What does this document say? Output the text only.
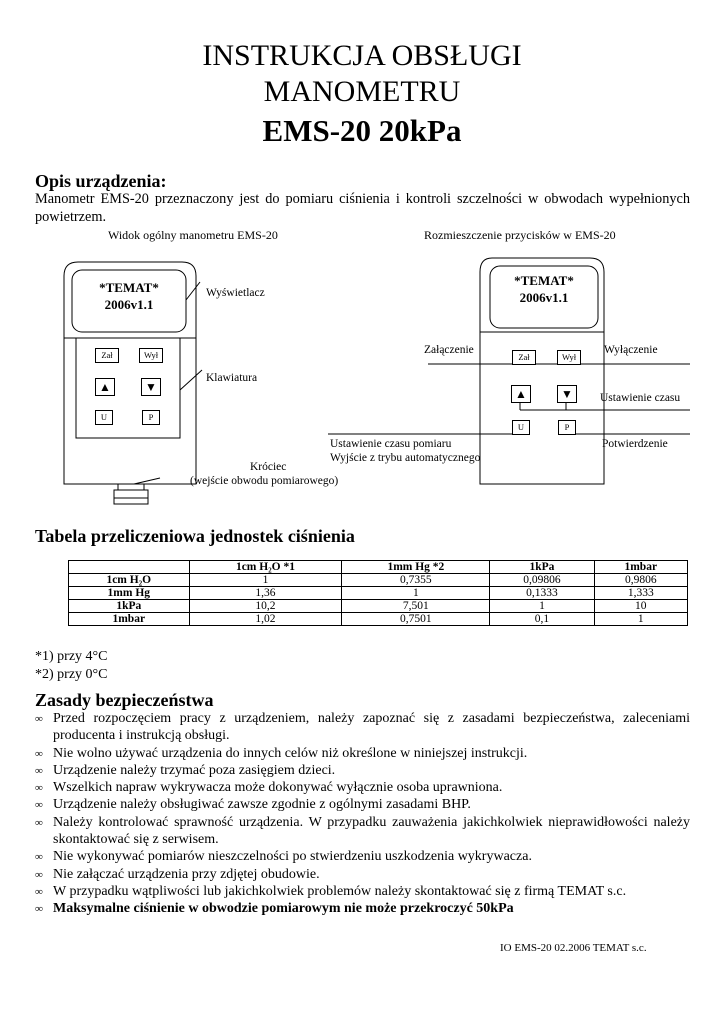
INSTRUKCJA OBSŁUGI
MANOMETRU
EMS-20 20kPa
Opis urządzenia:
Manometr EMS-20 przeznaczony jest do pomiaru ciśnienia i kontroli szczelności w obwodach wypełnionych powietrzem.
Widok ogólny manometru EMS-20	Rozmieszczenie przycisków w EMS-20
*TEMAT*
2006v1.1
Zał	Wył
▲	▼
U	P
Wyświetlacz
Klawiatura
Króciec
(wejście obwodu pomiarowego)
*TEMAT*
2006v1.1
Zał	Wył
▲	▼
U	P
Załączenie	Wyłączenie
Ustawienie czasu
Ustawienie czasu pomiaru
Wyjście z trybu automatycznego
Potwierdzenie
Tabela przeliczeniowa jednostek ciśnienia
	1cm H₂O *1	1mm Hg *2	1kPa	1mbar
1cm H₂O	1	0,7355	0,09806	0,9806
1mm Hg	1,36	1	0,1333	1,333
1kPa	10,2	7,501	1	10
1mbar	1,02	0,7501	0,1	1
*1) przy 4°C
*2) przy 0°C
Zasady bezpieczeństwa
∞ Przed rozpoczęciem pracy z urządzeniem, należy zapoznać się z zasadami bezpieczeństwa, zaleceniami producenta i instrukcją obsługi.
∞ Nie wolno używać urządzenia do innych celów niż określone w niniejszej instrukcji.
∞ Urządzenie należy trzymać poza zasięgiem dzieci.
∞ Wszelkich napraw wykrywacza może dokonywać wyłącznie osoba uprawniona.
∞ Urządzenie należy obsługiwać zawsze zgodnie z ogólnymi zasadami BHP.
∞ Należy kontrolować sprawność urządzenia. W przypadku zauważenia jakichkolwiek nieprawidłowości należy skontaktować się z serwisem.
∞ Nie wykonywać pomiarów nieszczelności po stwierdzeniu uszkodzenia wykrywacza.
∞ Nie załączać urządzenia przy zdjętej obudowie.
∞ W przypadku wątpliwości lub jakichkolwiek problemów należy skontaktować się z firmą TEMAT s.c.
∞ Maksymalne ciśnienie w obwodzie pomiarowym nie może przekroczyć 50kPa
IO EMS-20 02.2006 TEMAT s.c.
